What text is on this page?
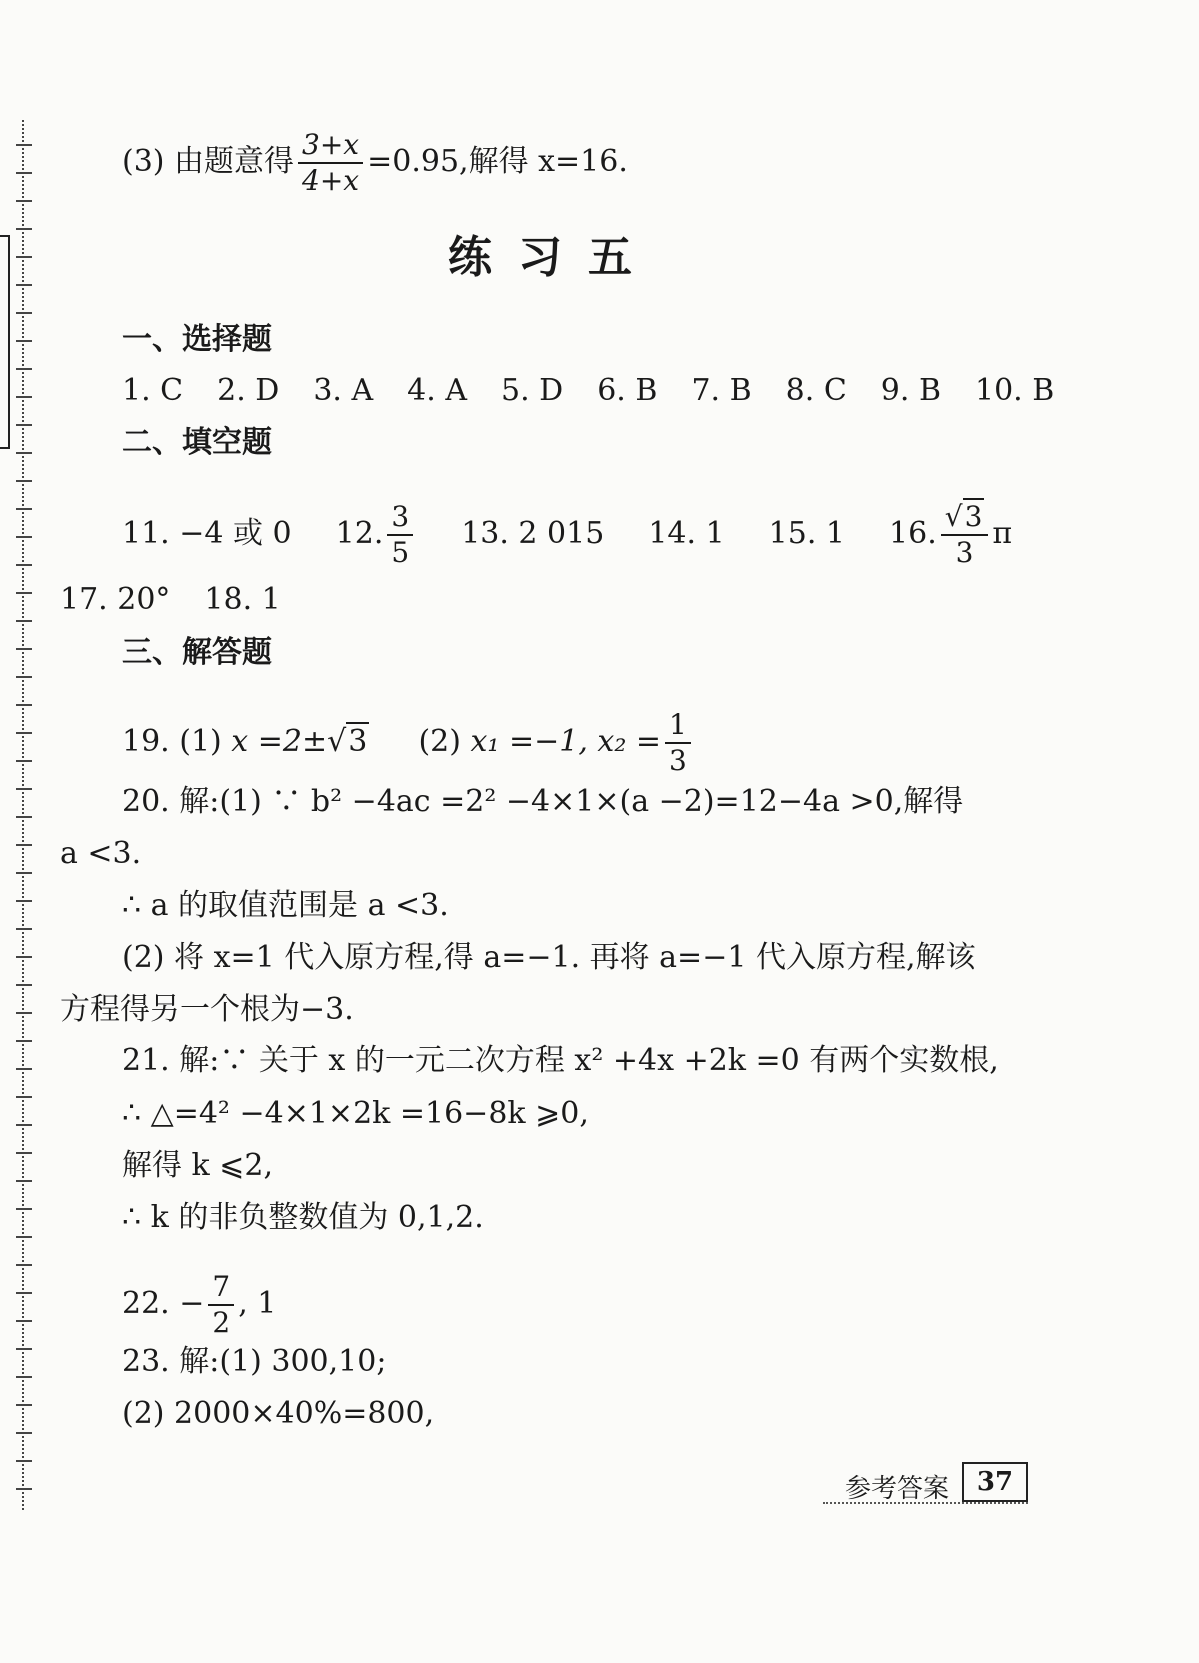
(3) 由题意得 $\frac{3+x}{4+x} =0.95$,解得 x=16.
练习五
一、选择题
1. C 2. D 3. A 4. A 5. D 6. B 7. B 8. C 9. B 10. B
二、填空题
11. −4 或 0 12. $\frac{3}{5} 13$. 2 015 14. 1 15. 1 16. $\frac{√3}{3}$ π
17. 20° 18. 1
三、解答题
19. (1) x =2±√3 (2) x₁ =−1, $x_2 = \frac{1}{3}$
20. 解:(1) ∵ b² −4ac =2² −4×1×(a −2)=12−4a >0,解得
a <3.
∴ a 的取值范围是 a <3.
(2) 将 x=1 代入原方程,得 a=−1. 再将 a=−1 代入原方程,解该
方程得另一个根为−3.
21. 解:∵ 关于 x 的一元二次方程 x² +4x +2k =0 有两个实数根,
∴ △=4² −4×1×2k =16−8k ⩾0,
解得 k ⩽2,
∴ k 的非负整数值为 0,1,2.
22. − $\frac{7}{2}$ , 1
23. 解:(1) 300,10;
(2) 2000×40%=800,
参考答案	37
